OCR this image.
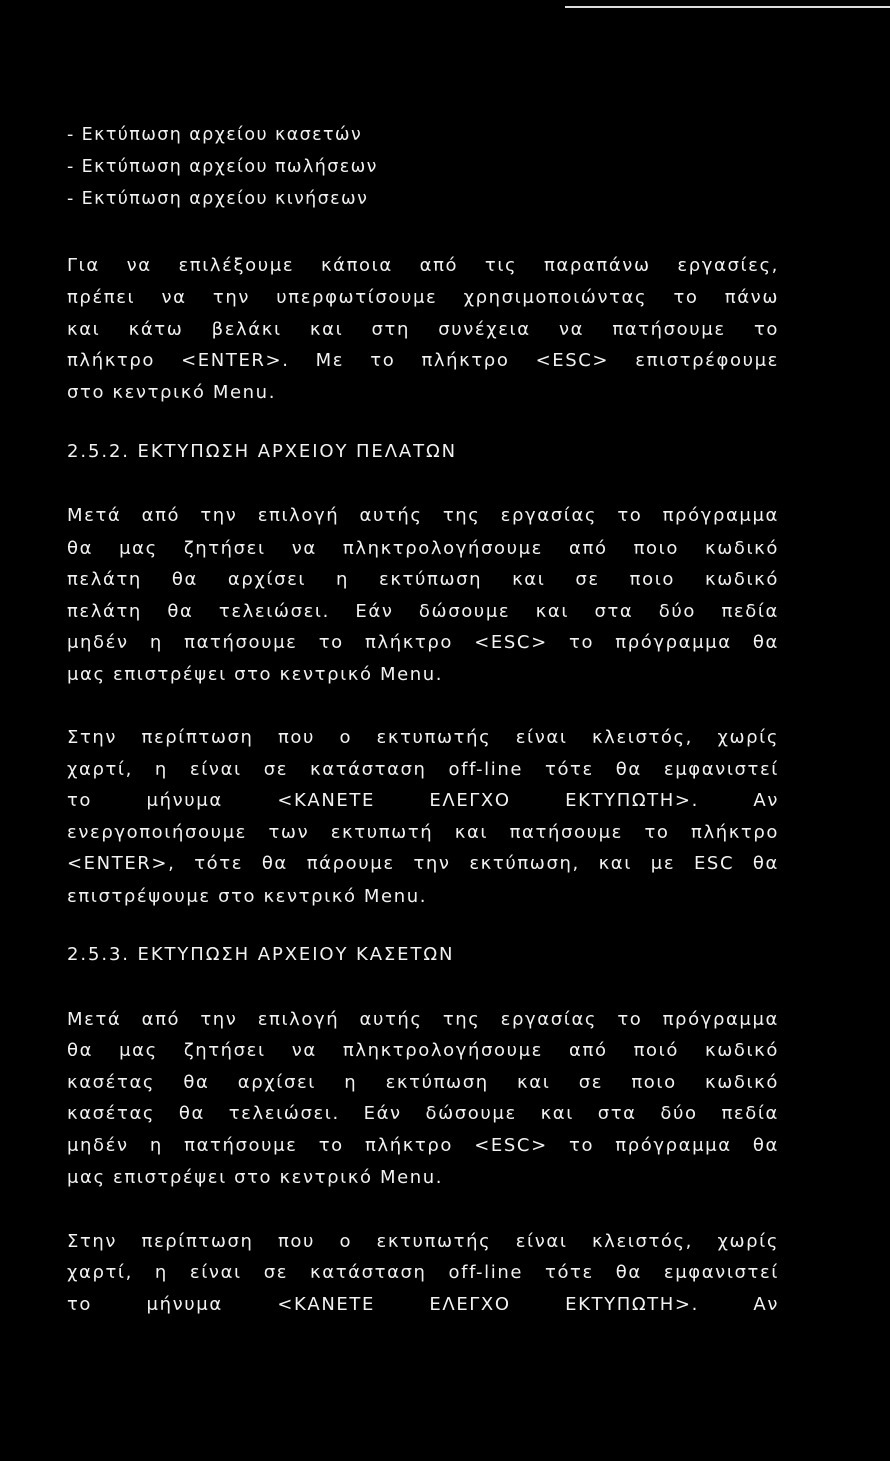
- Εκτύπωση αρχείου κασετών
- Εκτύπωση αρχείου πωλήσεων
- Εκτύπωση αρχείου κινήσεων
Για να επιλέξουμε κάποια από τις παραπάνω εργασίες,
πρέπει να την υπερφωτίσουμε χρησιμοποιώντας το πάνω
και κάτω βελάκι και στη συνέχεια να πατήσουμε το
πλήκτρο <ENTER>. Με το πλήκτρο <ESC> επιστρέφουμε
στο κεντρικό Menu.
2.5.2. ΕΚΤΥΠΩΣΗ ΑΡΧΕΙΟΥ ΠΕΛΑΤΩΝ
Μετά από την επιλογή αυτής της εργασίας το πρόγραμμα
θα μας ζητήσει να πληκτρολογήσουμε από ποιο κωδικό
πελάτη θα αρχίσει η εκτύπωση και σε ποιο κωδικό
πελάτη θα τελειώσει. Εάν δώσουμε και στα δύο πεδία
μηδέν η πατήσουμε το πλήκτρο <ESC> το πρόγραμμα θα
μας επιστρέψει στο κεντρικό Menu.
Στην περίπτωση που ο εκτυπωτής είναι κλειστός, χωρίς
χαρτί, η είναι σε κατάσταση off-line τότε θα εμφανιστεί
το μήνυμα <ΚΑΝΕΤΕ ΕΛΕΓΧΟ ΕΚΤΥΠΩΤΗ>. Αν
ενεργοποιήσουμε των εκτυπωτή και πατήσουμε το πλήκτρο
<ENTER>, τότε θα πάρουμε την εκτύπωση, και με ESC θα
επιστρέψουμε στο κεντρικό Menu.
2.5.3. ΕΚΤΥΠΩΣΗ ΑΡΧΕΙΟΥ ΚΑΣΕΤΩΝ
Μετά από την επιλογή αυτής της εργασίας το πρόγραμμα
θα μας ζητήσει να πληκτρολογήσουμε από ποιό κωδικό
κασέτας θα αρχίσει η εκτύπωση και σε ποιο κωδικό
κασέτας θα τελειώσει. Εάν δώσουμε και στα δύο πεδία
μηδέν η πατήσουμε το πλήκτρο <ESC> το πρόγραμμα θα
μας επιστρέψει στο κεντρικό Menu.
Στην περίπτωση που ο εκτυπωτής είναι κλειστός, χωρίς
χαρτί, η είναι σε κατάσταση off-line τότε θα εμφανιστεί
το μήνυμα <ΚΑΝΕΤΕ ΕΛΕΓΧΟ ΕΚΤΥΠΩΤΗ>. Αν
